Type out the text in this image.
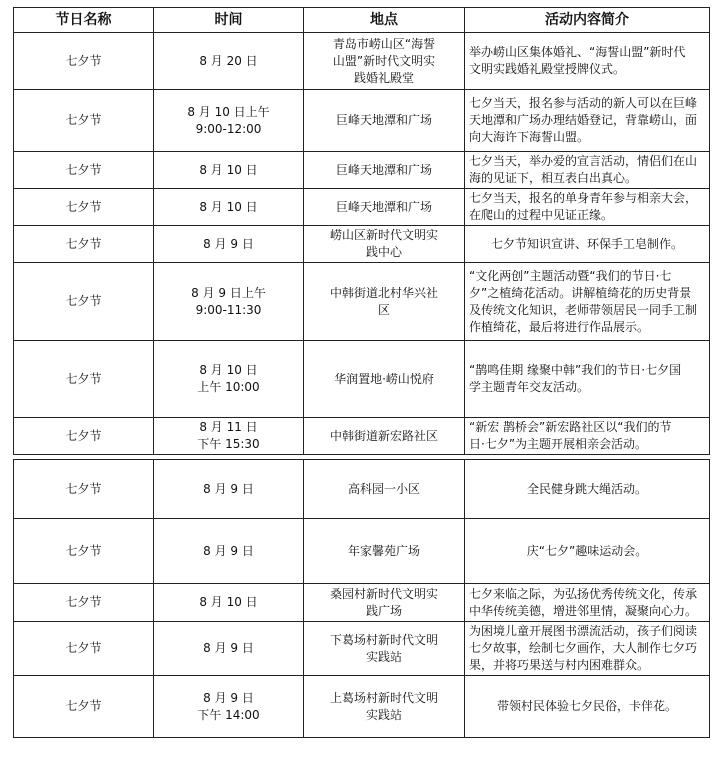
节日名称	时间	地点	活动内容简介
七夕节	8 月 20 日	青岛市崂山区“海誓
山盟”新时代文明实
践婚礼殿堂	举办崂山区集体婚礼、“海誓山盟”新时代
文明实践婚礼殿堂授牌仪式。

七夕节	8 月 10 日上午
9:00-12:00	巨峰天地潭和广场	七夕当天，报名参与活动的新人可以在巨峰
天地潭和广场办理结婚登记，背靠崂山，面
向大海许下海誓山盟。

七夕节	8 月 10 日	巨峰天地潭和广场	七夕当天，举办爱的宣言活动，情侣们在山
海的见证下，相互表白出真心。

七夕节	8 月 10 日	巨峰天地潭和广场	七夕当天，报名的单身青年参与相亲大会，
在爬山的过程中见证正缘。

七夕节	8 月 9 日	崂山区新时代文明实
践中心	七夕节知识宣讲、环保手工皂制作。

七夕节	8 月 9 日上午
9:00-11:30	中韩街道北村华兴社
区	“文化两创”主题活动暨“我们的节日·七
夕”之植绮花活动。讲解植绮花的历史背景
及传统文化知识，老师带领居民一同手工制
作植绮花，最后将进行作品展示。

七夕节	8 月 10 日
上午 10:00	华润置地·崂山悦府	“鹊鸣佳期 缘聚中韩”我们的节日·七夕国
学主题青年交友活动。

七夕节	8 月 11 日
下午 15:30	中韩街道新宏路社区	“新宏 鹊桥会”新宏路社区以“我们的节
日·七夕”为主题开展相亲会活动。
七夕节	8 月 9 日	高科园一小区	全民健身跳大绳活动。

七夕节	8 月 9 日	年家馨苑广场	庆“七夕”趣味运动会。

七夕节	8 月 10 日	桑园村新时代文明实
践广场	七夕来临之际，为弘扬优秀传统文化，传承
中华传统美德，增进邻里情，凝聚向心力。

七夕节	8 月 9 日	下葛场村新时代文明
实践站	为困境儿童开展图书漂流活动，孩子们阅读
七夕故事，绘制七夕画作，大人制作七夕巧
果，并将巧果送与村内困难群众。

七夕节	8 月 9 日
下午 14:00	上葛场村新时代文明
实践站	带领村民体验七夕民俗，卡伴花。
